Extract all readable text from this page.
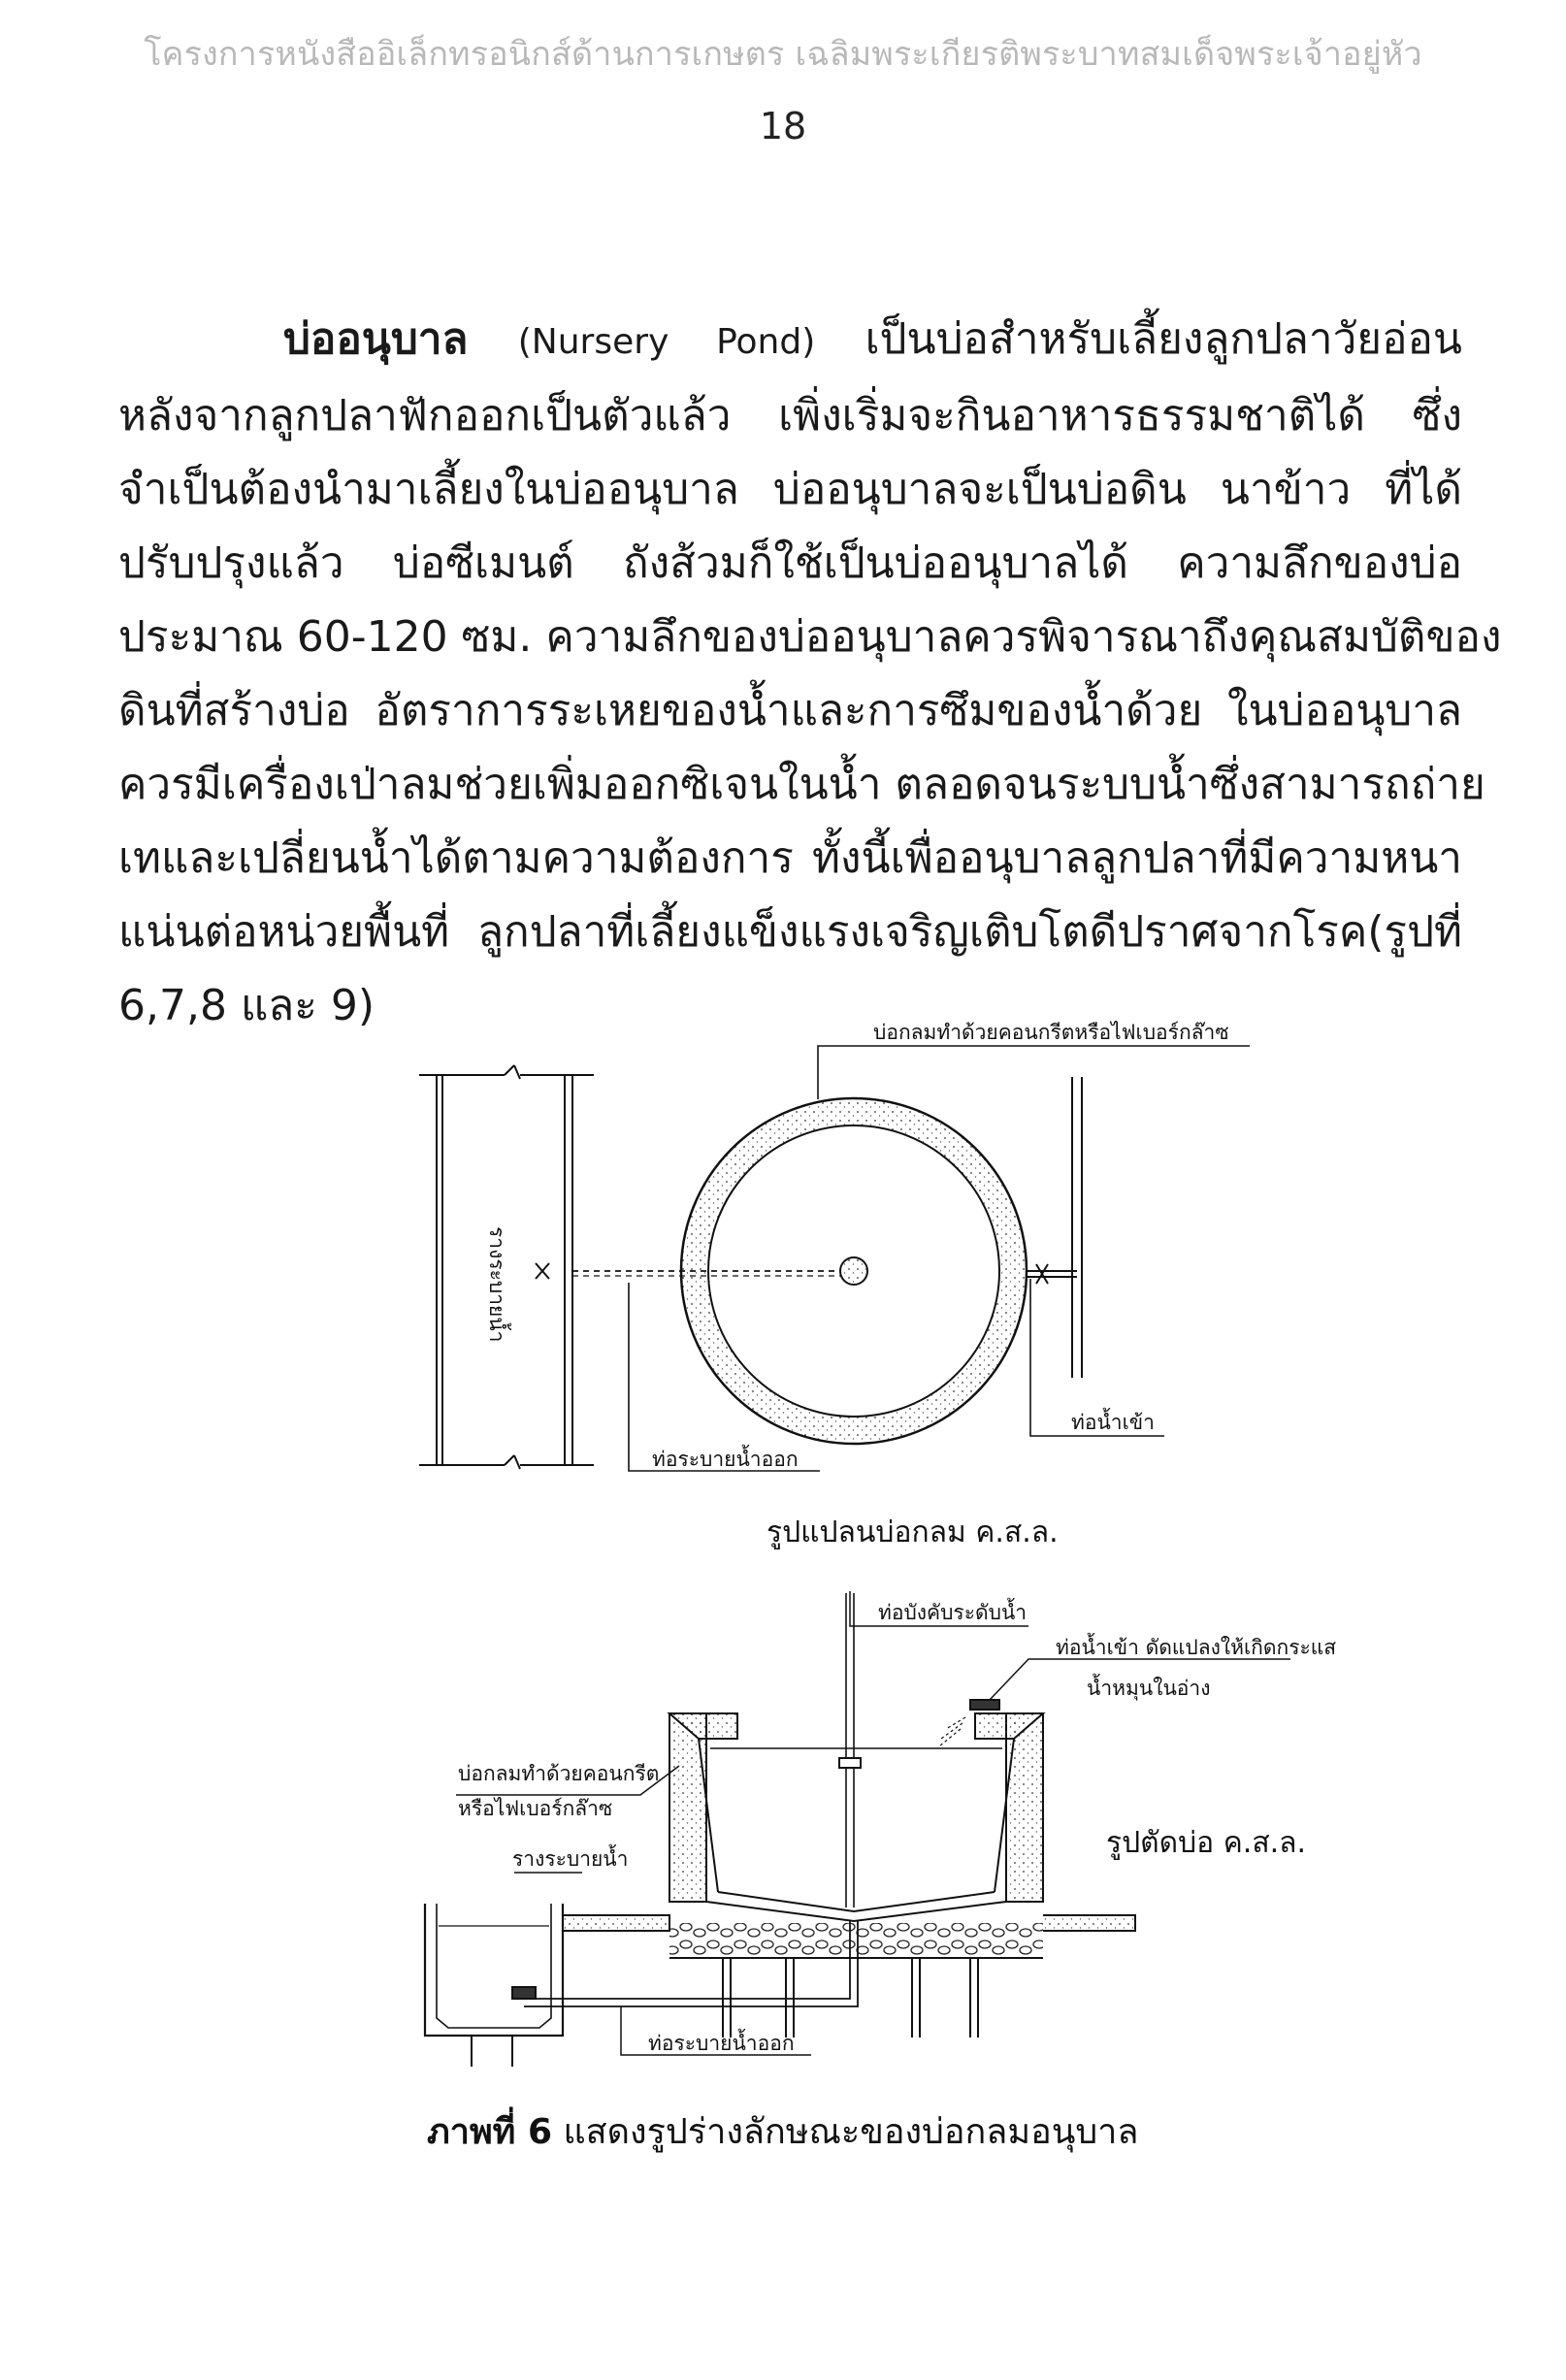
โครงการหนังสืออิเล็กทรอนิกส์ด้านการเกษตร เฉลิมพระเกียรติพระบาทสมเด็จพระเจ้าอยู่หัว
18
บ่ออนุบาล (Nursery Pond) เป็นบ่อสำหรับเลี้ยงลูกปลาวัยอ่อน
หลังจากลูกปลาฟักออกเป็นตัวแล้ว เพิ่งเริ่มจะกินอาหารธรรมชาติได้ ซึ่ง
จำเป็นต้องนำมาเลี้ยงในบ่ออนุบาล บ่ออนุบาลจะเป็นบ่อดิน นาข้าว ที่ได้
ปรับปรุงแล้ว บ่อซีเมนต์ ถังส้วมก็ใช้เป็นบ่ออนุบาลได้ ความลึกของบ่อ
ประมาณ 60-120 ซม. ความลึกของบ่ออนุบาลควรพิจารณาถึงคุณสมบัติของ
ดินที่สร้างบ่อ อัตราการระเหยของน้ำและการซึมของน้ำด้วย ในบ่ออนุบาล
ควรมีเครื่องเป่าลมช่วยเพิ่มออกซิเจนในน้ำ ตลอดจนระบบน้ำซึ่งสามารถถ่าย
เทและเปลี่ยนน้ำได้ตามความต้องการ ทั้งนี้เพื่ออนุบาลลูกปลาที่มีความหนา
แน่นต่อหน่วยพื้นที่ ลูกปลาที่เลี้ยงแข็งแรงเจริญเติบโตดีปราศจากโรค(รูปที่
6,7,8 และ 9)
บ่อกลมทำด้วยคอนกรีตหรือไฟเบอร์กล๊าซ
รางระบายน้ำ
ท่อน้ำเข้า
ท่อระบายน้ำออก
รูปแปลนบ่อกลม ค.ส.ล.
ท่อบังคับระดับน้ำ
ท่อน้ำเข้า ดัดแปลงให้เกิดกระแส
น้ำหมุนในอ่าง
บ่อกลมทำด้วยคอนกรีต
หรือไฟเบอร์กล๊าซ
รางระบายน้ำ
ท่อระบายน้ำออก
รูปตัดบ่อ ค.ส.ล.
ภาพที่ 6 แสดงรูปร่างลักษณะของบ่อกลมอนุบาล
